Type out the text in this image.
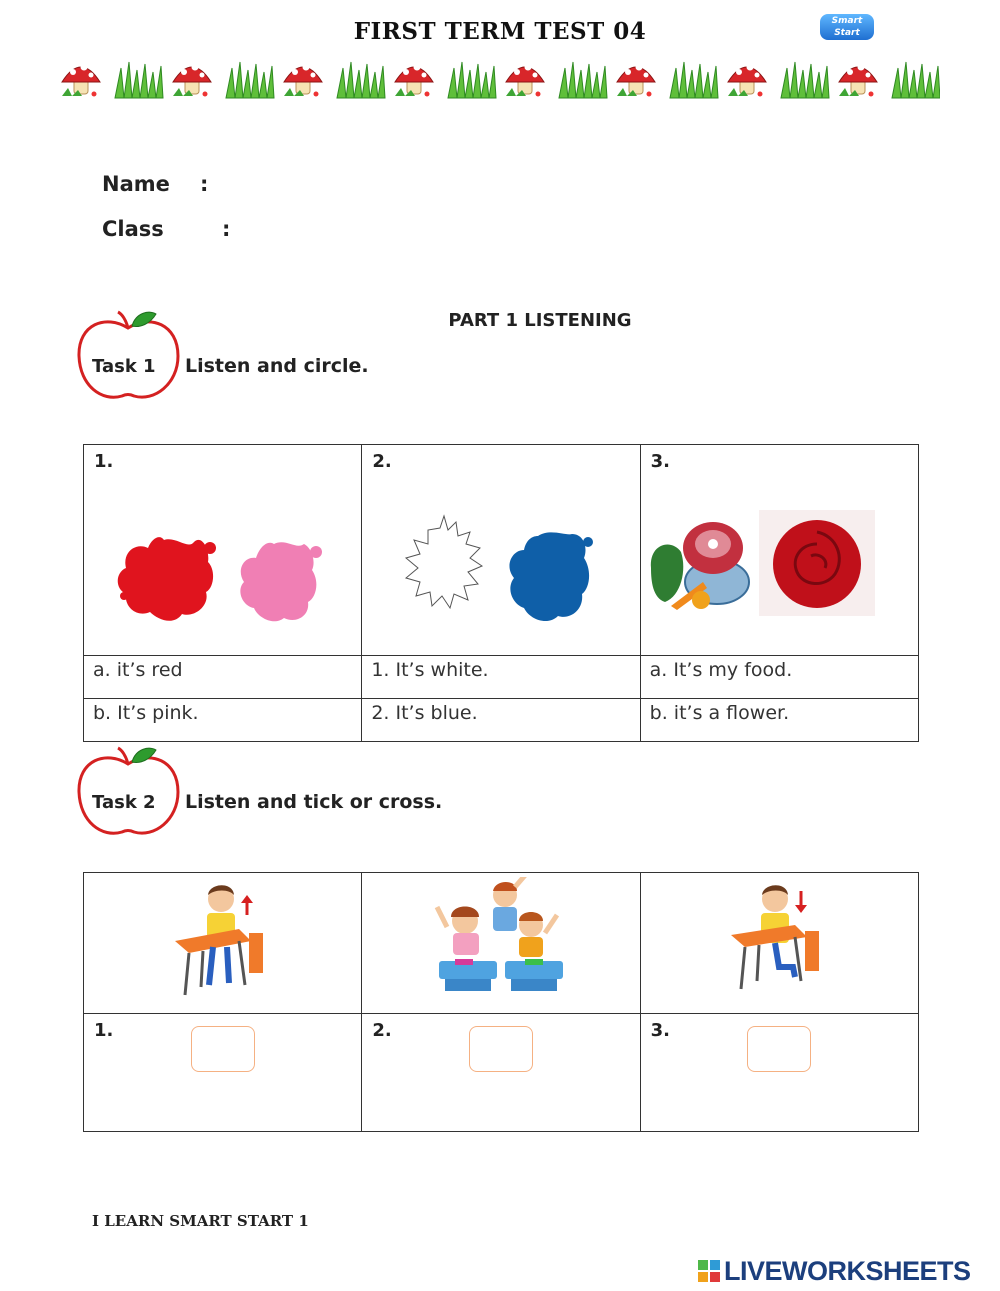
FIRST TERM TEST 04	Smart
Start
Name :
Class	:
PART 1 LISTENING
Task 1 Listen and circle.
1.	2.	3.

a. it’s red	1. It’s white.	a. It’s my food.
b. It’s pink.	2. It’s blue.	b. it’s a flower.
Task 2 Listen and tick or cross.

1.	2.	3.
I LEARN SMART START 1
LIVEWORKSHEETS
